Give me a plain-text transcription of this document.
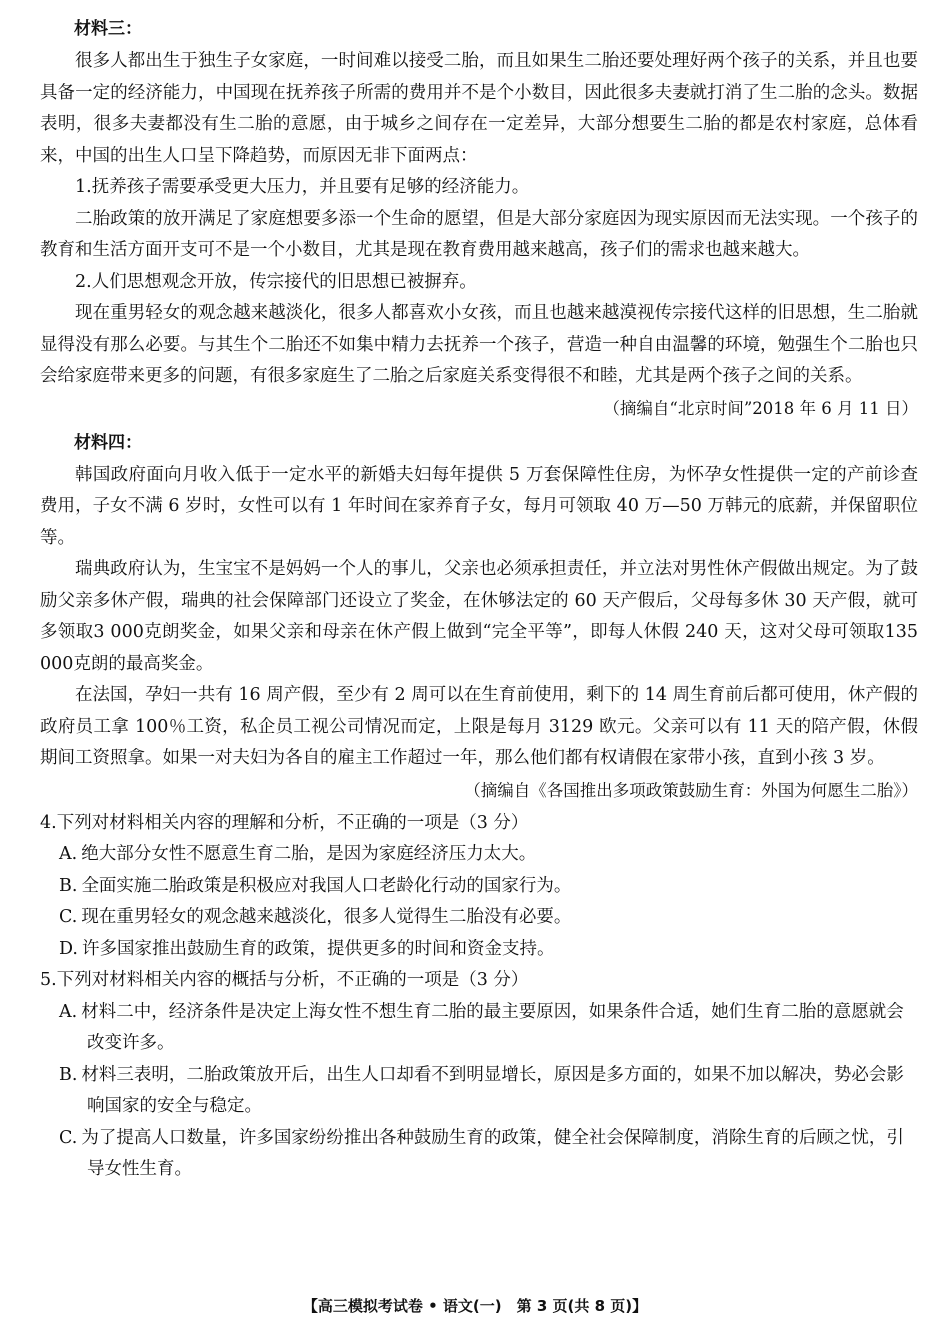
材料三：

很多人都出生于独生子女家庭，一时间难以接受二胎，而且如果生二胎还要处理好两个孩子的关系，并且也要具备一定的经济能力，中国现在抚养孩子所需的费用并不是个小数目，因此很多夫妻就打消了生二胎的念头。数据表明，很多夫妻都没有生二胎的意愿，由于城乡之间存在一定差异，大部分想要生二胎的都是农村家庭，总体看来，中国的出生人口呈下降趋势，而原因无非下面两点：

1.抚养孩子需要承受更大压力，并且要有足够的经济能力。

二胎政策的放开满足了家庭想要多添一个生命的愿望，但是大部分家庭因为现实原因而无法实现。一个孩子的教育和生活方面开支可不是一个小数目，尤其是现在教育费用越来越高，孩子们的需求也越来越大。

2.人们思想观念开放，传宗接代的旧思想已被摒弃。

现在重男轻女的观念越来越淡化，很多人都喜欢小女孩，而且也越来越漠视传宗接代这样的旧思想，生二胎就显得没有那么必要。与其生个二胎还不如集中精力去抚养一个孩子，营造一种自由温馨的环境，勉强生个二胎也只会给家庭带来更多的问题，有很多家庭生了二胎之后家庭关系变得很不和睦，尤其是两个孩子之间的关系。

（摘编自“北京时间”2018 年 6 月 11 日）
材料四：

韩国政府面向月收入低于一定水平的新婚夫妇每年提供 5 万套保障性住房，为怀孕女性提供一定的产前诊查费用，子女不满 6 岁时，女性可以有 1 年时间在家养育子女，每月可领取 40 万—50 万韩元的底薪，并保留职位等。

瑞典政府认为，生宝宝不是妈妈一个人的事儿，父亲也必须承担责任，并立法对男性休产假做出规定。为了鼓励父亲多休产假，瑞典的社会保障部门还设立了奖金，在休够法定的 60 天产假后，父母每多休 30 天产假，就可多领取3 000克朗奖金，如果父亲和母亲在休产假上做到“完全平等”，即每人休假 240 天，这对父母可领取135 000克朗的最高奖金。

在法国，孕妇一共有 16 周产假，至少有 2 周可以在生育前使用，剩下的 14 周生育前后都可使用，休产假的政府员工拿 100％工资，私企员工视公司情况而定，上限是每月 3129 欧元。父亲可以有 11 天的陪产假，休假期间工资照拿。如果一对夫妇为各自的雇主工作超过一年，那么他们都有权请假在家带小孩，直到小孩 3 岁。

（摘编自《各国推出多项政策鼓励生育：外国为何愿生二胎》）
4.下列对材料相关内容的理解和分析，不正确的一项是（3 分）
A. 绝大部分女性不愿意生育二胎，是因为家庭经济压力太大。
B. 全面实施二胎政策是积极应对我国人口老龄化行动的国家行为。
C. 现在重男轻女的观念越来越淡化，很多人觉得生二胎没有必要。
D. 许多国家推出鼓励生育的政策，提供更多的时间和资金支持。
5.下列对材料相关内容的概括与分析，不正确的一项是（3 分）
A. 材料二中，经济条件是决定上海女性不想生育二胎的最主要原因，如果条件合适，她们生育二胎的意愿就会改变许多。
B. 材料三表明，二胎政策放开后，出生人口却看不到明显增长，原因是多方面的，如果不加以解决，势必会影响国家的安全与稳定。
C. 为了提高人口数量，许多国家纷纷推出各种鼓励生育的政策，健全社会保障制度，消除生育的后顾之忧，引导女性生育。
【高三模拟考试卷 • 语文(一)　第 3 页(共 8 页)】
